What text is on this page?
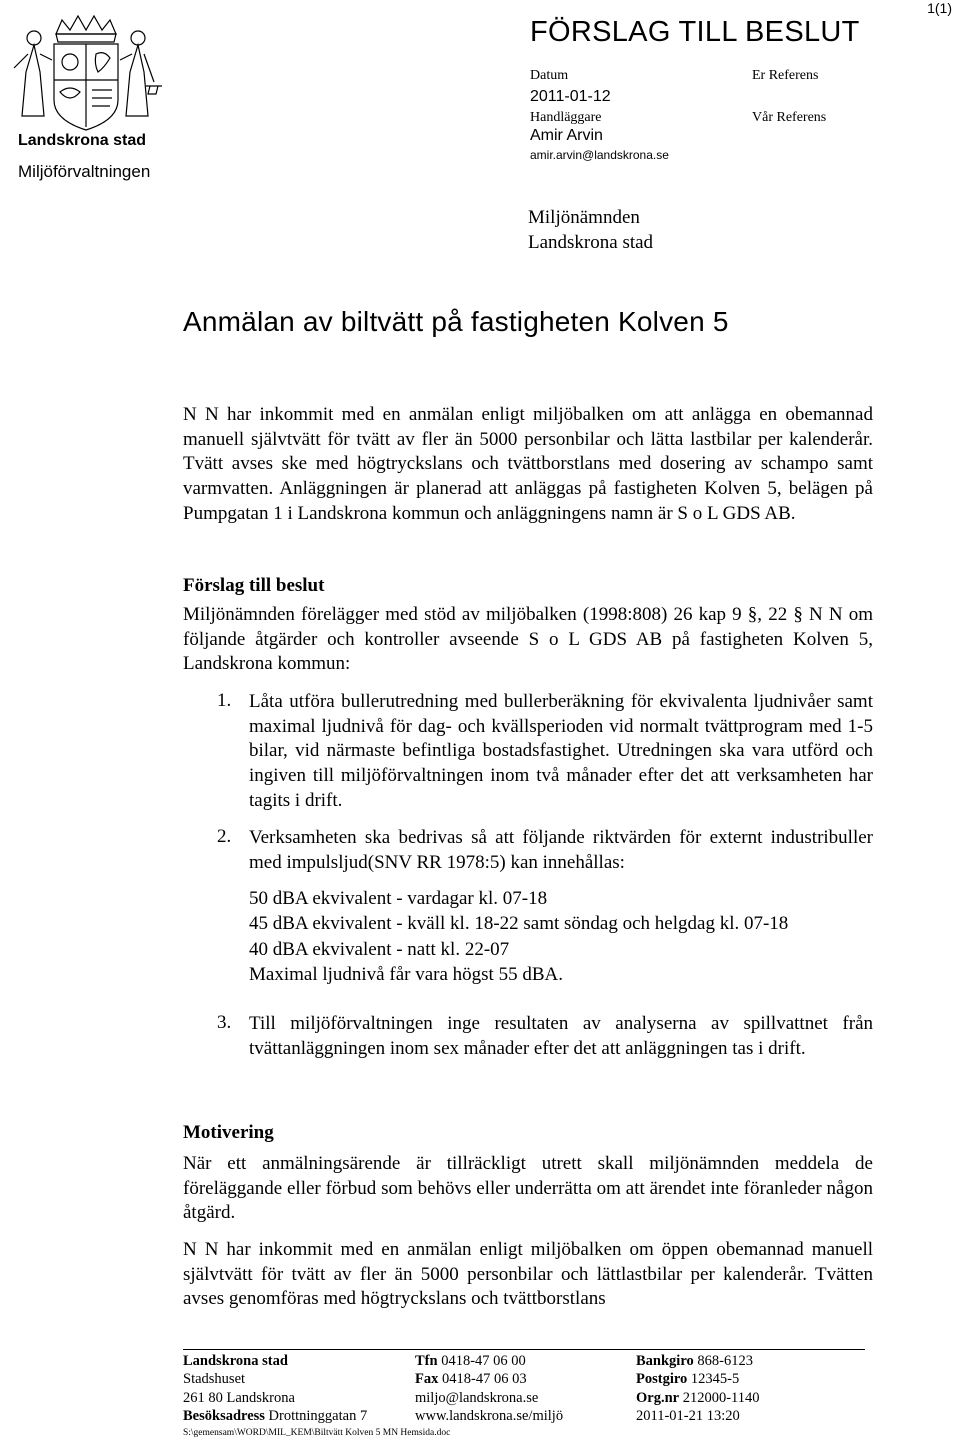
1(1)
Landskrona stad
Miljöförvaltningen
FÖRSLAG TILL BESLUT
Datum
2011-01-12
Handläggare
Amir Arvin
amir.arvin@landskrona.se
Er Referens
Vår Referens
Miljönämnden
Landskrona stad
Anmälan av biltvätt på fastigheten Kolven 5
N N har inkommit med en anmälan enligt miljöbalken om att anlägga en obemannad manuell självtvätt för tvätt av fler än 5000 personbilar och lätta lastbilar per kalenderår. Tvätt avses ske med högtryckslans och tvättborstlans med dosering av schampo samt varmvatten. Anläggningen är planerad att anläggas på fastigheten Kolven 5, belägen på Pumpgatan 1 i Landskrona kommun och anläggningens namn är S o L GDS AB.
Förslag till beslut
Miljönämnden förelägger med stöd av miljöbalken (1998:808) 26 kap 9 §, 22 § N N om följande åtgärder och kontroller avseende S o L GDS AB på fastigheten Kolven 5, Landskrona kommun:
1. Låta utföra bullerutredning med bullerberäkning för ekvivalenta ljudnivåer samt maximal ljudnivå för dag- och kvällsperioden vid normalt tvättprogram med 1-5 bilar, vid närmaste befintliga bostadsfastighet. Utredningen ska vara utförd och ingiven till miljöförvaltningen inom två månader efter det att verksamheten har tagits i drift.
2. Verksamheten ska bedrivas så att följande riktvärden för externt industribuller med impulsljud(SNV RR 1978:5) kan innehållas:
50 dBA ekvivalent - vardagar kl. 07-18
45 dBA ekvivalent - kväll kl. 18-22 samt söndag och helgdag kl. 07-18
40 dBA ekvivalent - natt kl. 22-07
Maximal ljudnivå får vara högst 55 dBA.
3. Till miljöförvaltningen inge resultaten av analyserna av spillvattnet från tvättanläggningen inom sex månader efter det att anläggningen tas i drift.
Motivering
När ett anmälningsärende är tillräckligt utrett skall miljönämnden meddela de föreläggande eller förbud som behövs eller underrätta om att ärendet inte föranleder någon åtgärd.
N N har inkommit med en anmälan enligt miljöbalken om öppen obemannad manuell självtvätt för tvätt av fler än 5000 personbilar och lättlastbilar per kalenderår. Tvätten avses genomföras med högtryckslans och tvättborstlans
Landskrona stad
Stadshuset
261 80 Landskrona
Besöksadress Drottninggatan 7
Tfn 0418-47 06 00
Fax 0418-47 06 03
miljo@landskrona.se
www.landskrona.se/miljö
Bankgiro 868-6123
Postgiro 12345-5
Org.nr 212000-1140
2011-01-21 13:20
S:\gemensam\WORD\MIL_KEM\Biltvätt Kolven 5 MN Hemsida.doc
